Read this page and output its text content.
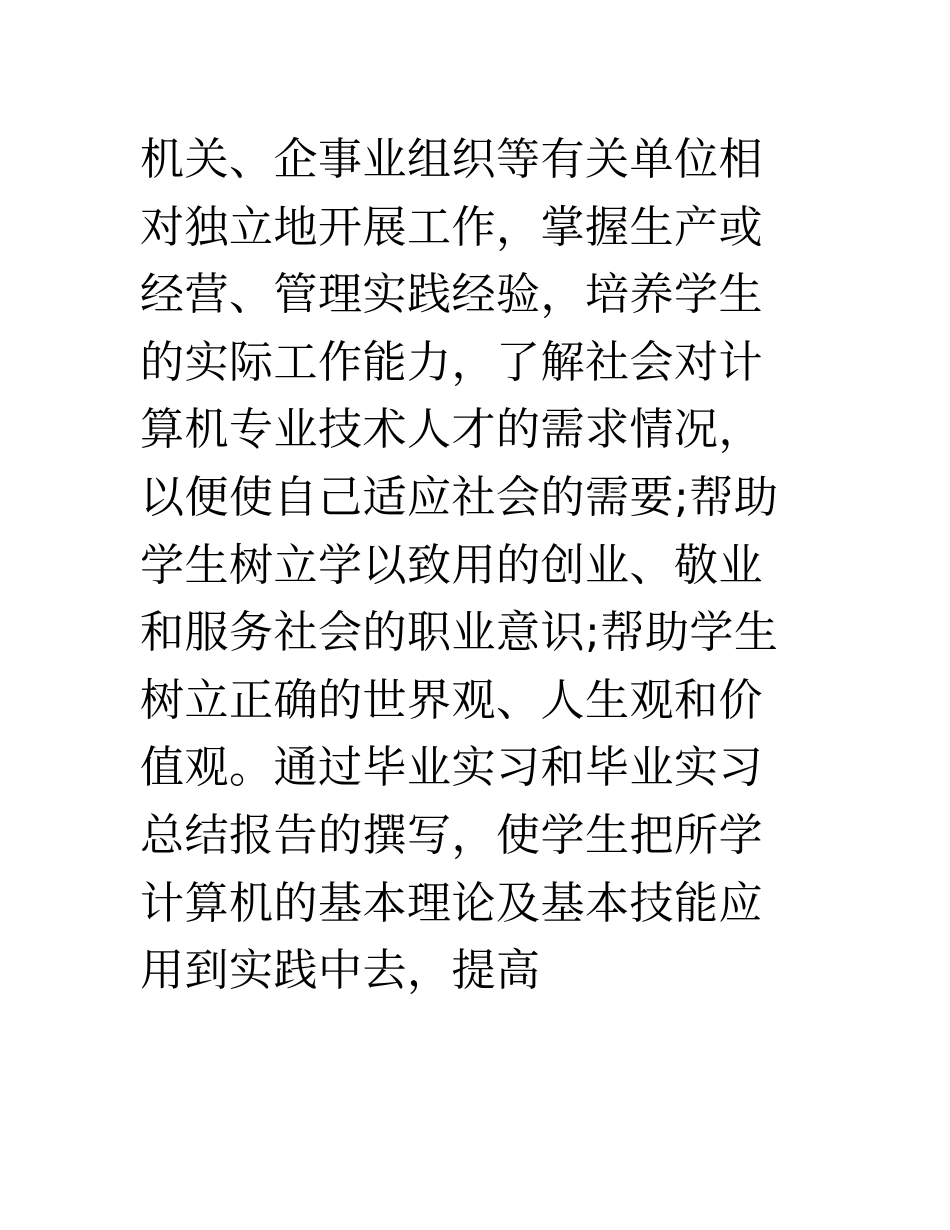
机关、企事业组织等有关单位相
对独立地开展工作，掌握生产或
经营、管理实践经验，培养学生
的实际工作能力，了解社会对计
算机专业技术人才的需求情况，
以便使自己适应社会的需要;帮助
学生树立学以致用的创业、敬业
和服务社会的职业意识;帮助学生
树立正确的世界观、人生观和价
值观。通过毕业实习和毕业实习
总结报告的撰写，使学生把所学
计算机的基本理论及基本技能应
用到实践中去，提高
